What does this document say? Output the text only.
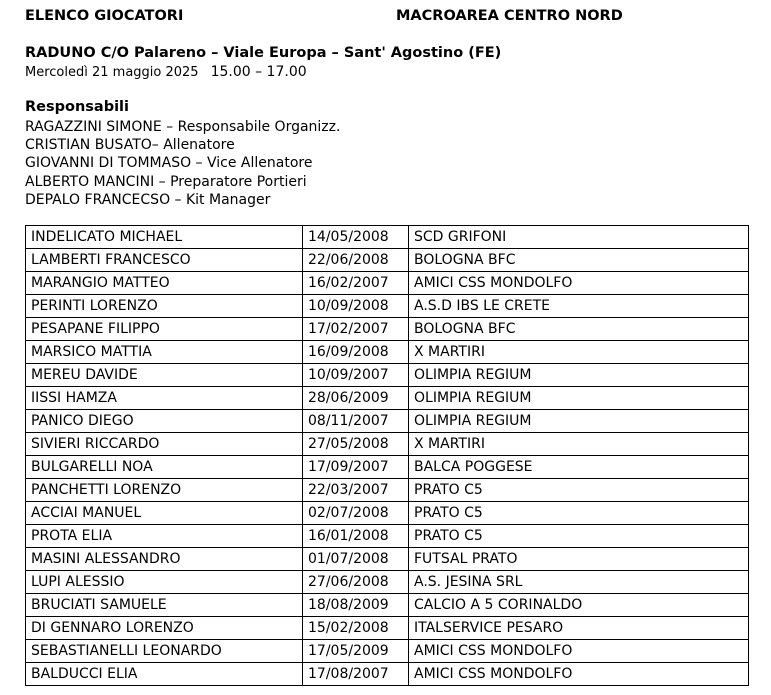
ELENCO GIOCATORI	MACROAREA CENTRO NORD
RADUNO C/O Palareno – Viale Europa – Sant' Agostino (FE)
Mercoledì 21 maggio 2025 15.00 – 17.00
Responsabili
RAGAZZINI SIMONE – Responsabile Organizz.
CRISTIAN BUSATO– Allenatore
GIOVANNI DI TOMMASO – Vice Allenatore
ALBERTO MANCINI – Preparatore Portieri
DEPALO FRANCECSO – Kit Manager
INDELICATO MICHAEL	14/05/2008	SCD GRIFONI
LAMBERTI FRANCESCO	22/06/2008	BOLOGNA BFC
MARANGIO MATTEO	16/02/2007	AMICI CSS MONDOLFO
PERINTI LORENZO	10/09/2008	A.S.D IBS LE CRETE
PESAPANE FILIPPO	17/02/2007	BOLOGNA BFC
MARSICO MATTIA	16/09/2008	X MARTIRI
MEREU DAVIDE	10/09/2007	OLIMPIA REGIUM
IISSI HAMZA	28/06/2009	OLIMPIA REGIUM
PANICO DIEGO	08/11/2007	OLIMPIA REGIUM
SIVIERI RICCARDO	27/05/2008	X MARTIRI
BULGARELLI NOA	17/09/2007	BALCA POGGESE
PANCHETTI LORENZO	22/03/2007	PRATO C5
ACCIAI MANUEL	02/07/2008	PRATO C5
PROTA ELIA	16/01/2008	PRATO C5
MASINI ALESSANDRO	01/07/2008	FUTSAL PRATO
LUPI ALESSIO	27/06/2008	A.S. JESINA SRL
BRUCIATI SAMUELE	18/08/2009	CALCIO A 5 CORINALDO
DI GENNARO LORENZO	15/02/2008	ITALSERVICE PESARO
SEBASTIANELLI LEONARDO	17/05/2009	AMICI CSS MONDOLFO
BALDUCCI ELIA	17/08/2007	AMICI CSS MONDOLFO
